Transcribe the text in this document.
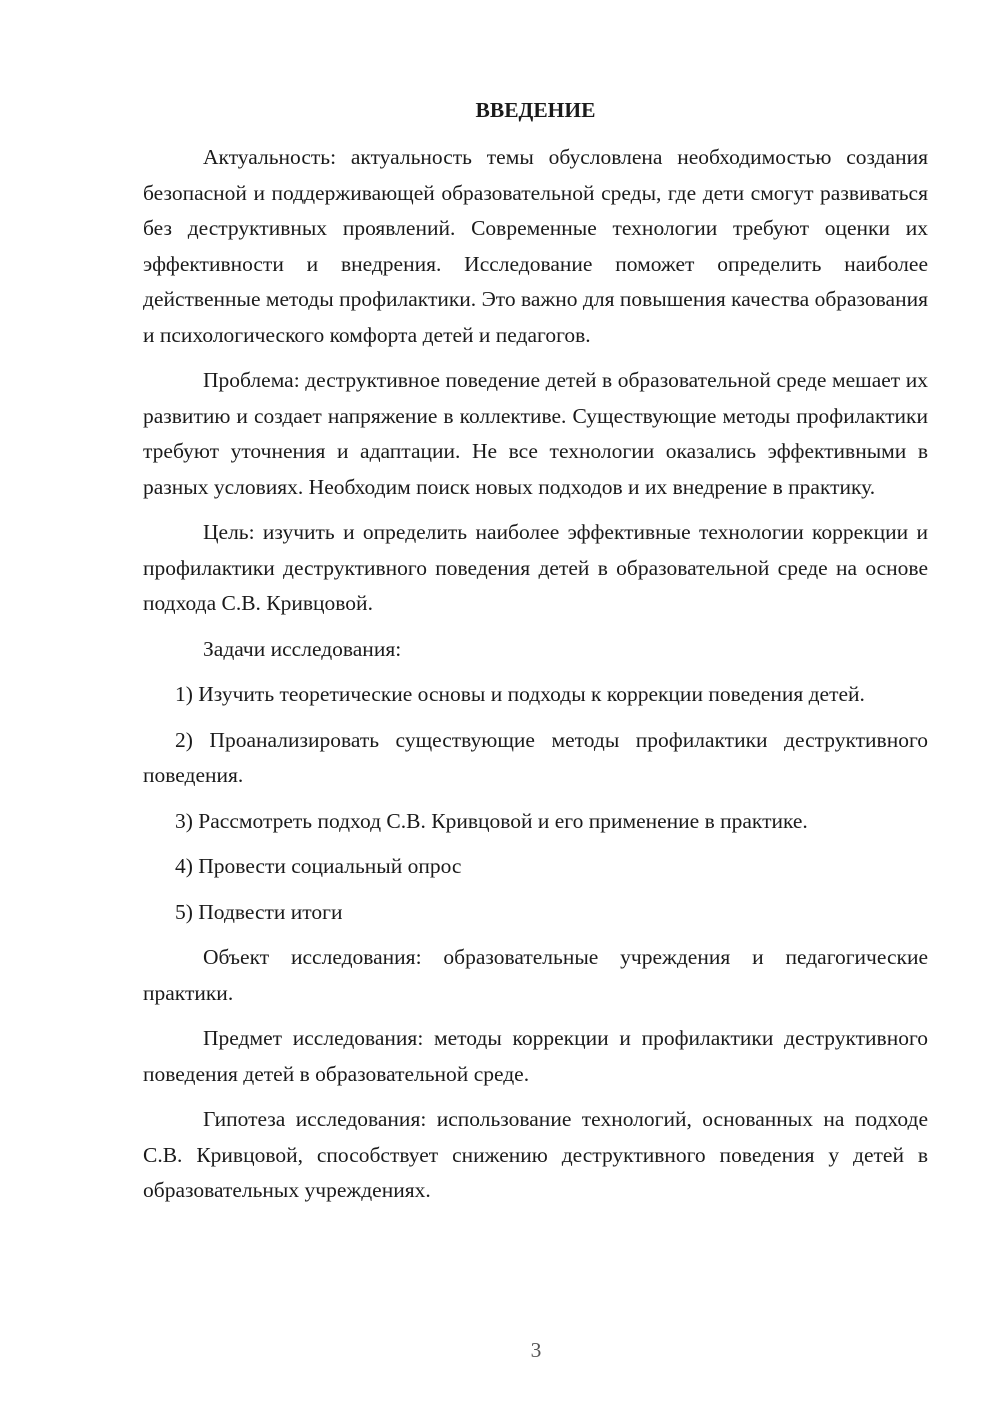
ВВЕДЕНИЕ

Актуальность: актуальность темы обусловлена необходимостью создания безопасной и поддерживающей образовательной среды, где дети смогут развиваться без деструктивных проявлений. Современные технологии требуют оценки их эффективности и внедрения. Исследование поможет определить наиболее действенные методы профилактики. Это важно для повышения качества образования и психологического комфорта детей и педагогов.

Проблема: деструктивное поведение детей в образовательной среде мешает их развитию и создает напряжение в коллективе. Существующие методы профилактики требуют уточнения и адаптации. Не все технологии оказались эффективными в разных условиях. Необходим поиск новых подходов и их внедрение в практику.

Цель: изучить и определить наиболее эффективные технологии коррекции и профилактики деструктивного поведения детей в образовательной среде на основе подхода С.В. Кривцовой.

Задачи исследования:

1) Изучить теоретические основы и подходы к коррекции поведения детей.

2) Проанализировать существующие методы профилактики деструктивного поведения.

3) Рассмотреть подход С.В. Кривцовой и его применение в практике.

4) Провести социальный опрос

5) Подвести итоги

Объект исследования: образовательные учреждения и педагогические практики.

Предмет исследования: методы коррекции и профилактики деструктивного поведения детей в образовательной среде.

Гипотеза исследования: использование технологий, основанных на подходе С.В. Кривцовой, способствует снижению деструктивного поведения у детей в образовательных учреждениях.

3
